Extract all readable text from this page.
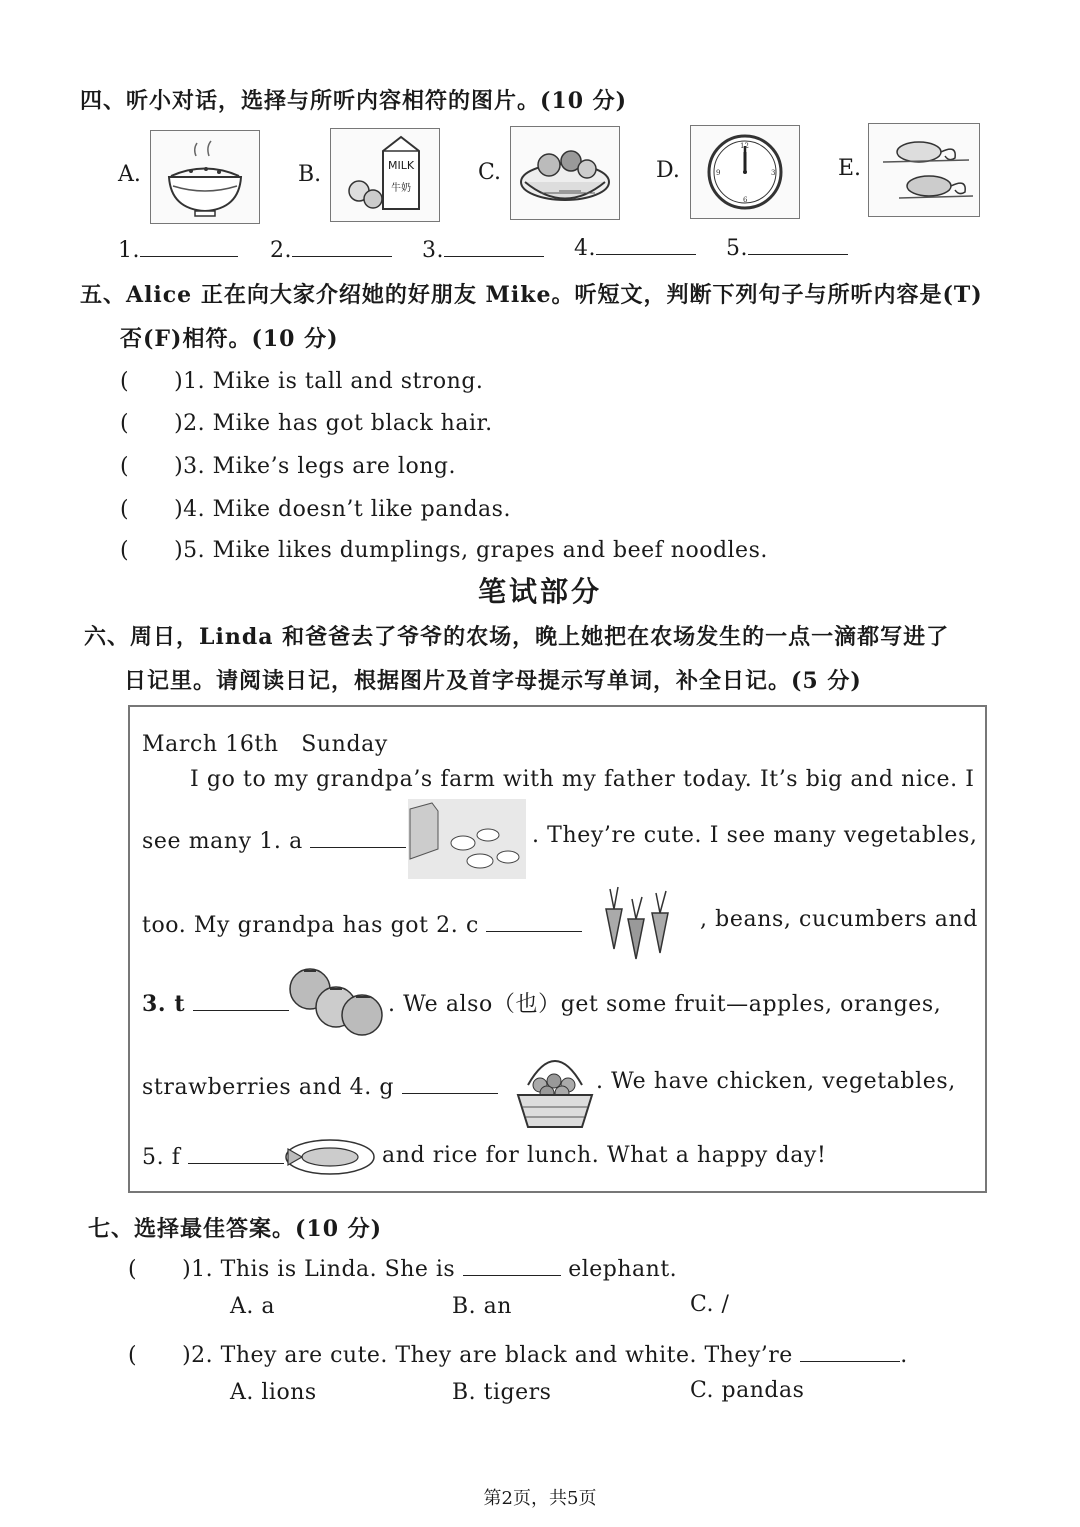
四、听小对话，选择与所听内容相符的图片。(10 分)
A.	B.	MILK
牛奶
C.	D.
12
3
6
9	E.
1.	2.	3.	4.	5.
五、Alice 正在向大家介绍她的好朋友 Mike。听短文，判断下列句子与所听内容是(T)
否(F)相符。(10 分)
(　　)1. Mike is tall and strong.
(　　)2. Mike has got black hair.
(　　)3. Mike’s legs are long.
(　　)4. Mike doesn’t like pandas.
(　　)5. Mike likes dumplings, grapes and beef noodles.
笔试部分
六、周日，Linda 和爸爸去了爷爷的农场，晚上她把在农场发生的一点一滴都写进了
日记里。请阅读日记，根据图片及首字母提示写单词，补全日记。(5 分)
March 16th　Sunday
I go to my grandpa’s farm with my father today. It’s big and nice. I
see many 1. a	. They’re cute. I see many vegetables,
too. My grandpa has got 2. c	, beans, cucumbers and
3. t	. We also（也）get some fruit—apples, oranges,
strawberries and 4. g	. We have chicken, vegetables,
5. f	and rice for lunch. What a happy day!
七、选择最佳答案。(10 分)
(　　)1. This is Linda. She is	elephant.
A. a	B. an	C. /
(　　)2. They are cute. They are black and white. They’re	.
A. lions	B. tigers	C. pandas
第2页，共5页
